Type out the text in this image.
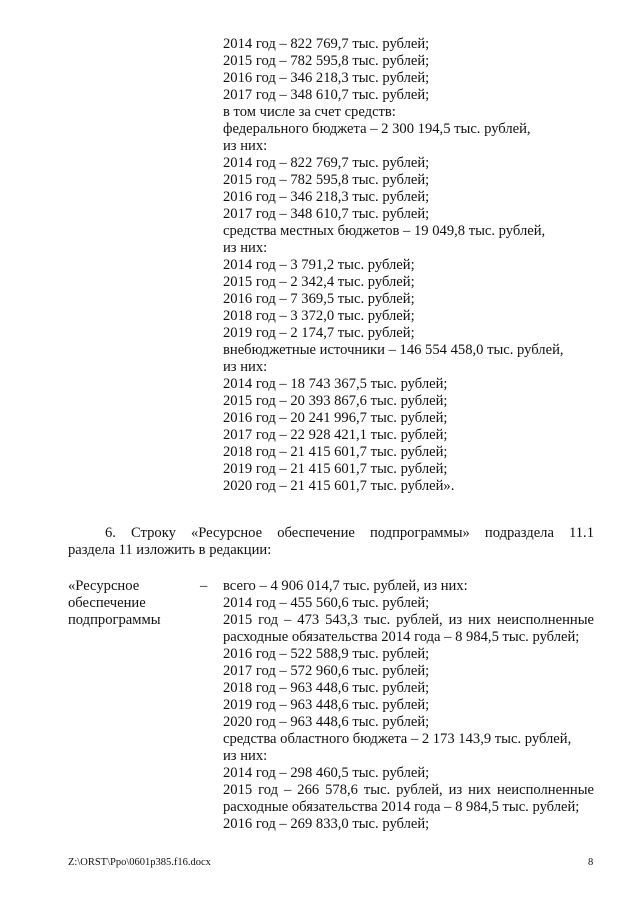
2014 год – 822 769,7 тыс. рублей;
2015 год – 782 595,8 тыс. рублей;
2016 год – 346 218,3 тыс. рублей;
2017 год – 348 610,7 тыс. рублей;
в том числе за счет средств:
федерального бюджета – 2 300 194,5 тыс. рублей,
из них:
2014 год – 822 769,7 тыс. рублей;
2015 год – 782 595,8 тыс. рублей;
2016 год – 346 218,3 тыс. рублей;
2017 год – 348 610,7 тыс. рублей;
средства местных бюджетов – 19 049,8 тыс. рублей,
из них:
2014 год – 3 791,2 тыс. рублей;
2015 год – 2 342,4 тыс. рублей;
2016 год – 7 369,5 тыс. рублей;
2018 год – 3 372,0 тыс. рублей;
2019 год – 2 174,7 тыс. рублей;
внебюджетные источники – 146 554 458,0 тыс. рублей,
из них:
2014 год – 18 743 367,5 тыс. рублей;
2015 год – 20 393 867,6 тыс. рублей;
2016 год – 20 241 996,7 тыс. рублей;
2017 год – 22 928 421,1 тыс. рублей;
2018 год – 21 415 601,7 тыс. рублей;
2019 год – 21 415 601,7 тыс. рублей;
2020 год – 21 415 601,7 тыс. рублей».
6. Строку «Ресурсное обеспечение подпрограммы» подраздела 11.1
раздела 11 изложить в редакции:
«Ресурсное
обеспечение
подпрограммы
– всего – 4 906 014,7 тыс. рублей, из них:
2014 год – 455 560,6 тыс. рублей;
2015 год – 473 543,3 тыс. рублей, из них неисполненные
расходные обязательства 2014 года – 8 984,5 тыс. рублей;
2016 год – 522 588,9 тыс. рублей;
2017 год – 572 960,6 тыс. рублей;
2018 год – 963 448,6 тыс. рублей;
2019 год – 963 448,6 тыс. рублей;
2020 год – 963 448,6 тыс. рублей;
средства областного бюджета – 2 173 143,9 тыс. рублей,
из них:
2014 год – 298 460,5 тыс. рублей;
2015 год – 266 578,6 тыс. рублей, из них неисполненные
расходные обязательства 2014 года – 8 984,5 тыс. рублей;
2016 год – 269 833,0 тыс. рублей;
Z:\ORST\Ppo\0601p385.f16.docx	8
